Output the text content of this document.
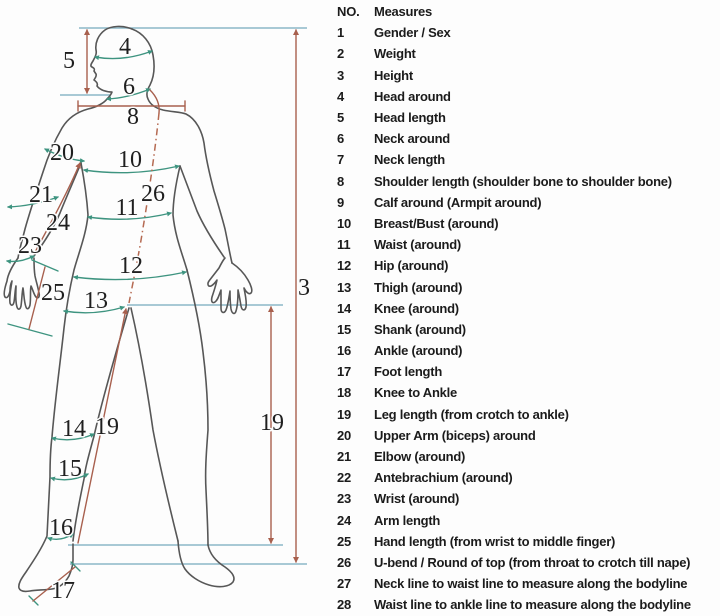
4
5
6
8
20 10
26
21	11
24
23
12
3
25 13
19
19
14
15
16
17
NO.	Measures
1	Gender / Sex
2	Weight
3	Height
4	Head around
5	Head length
6	Neck around
7	Neck length
8	Shoulder length (shoulder bone to shoulder bone)
9	Calf around (Armpit around)
10	Breast/Bust (around)
11	Waist (around)
12	Hip (around)
13	Thigh (around)
14	Knee (around)
15	Shank (around)
16	Ankle (around)
17	Foot length
18	Knee to Ankle
19	Leg length (from crotch to ankle)
20	Upper Arm (biceps) around
21	Elbow (around)
22	Antebrachium (around)
23	Wrist (around)
24	Arm length
25	Hand length (from wrist to middle finger)
26	U-bend / Round of top (from throat to crotch till nape)
27	Neck line to waist line to measure along the bodyline
28	Waist line to ankle line to measure along the bodyline
